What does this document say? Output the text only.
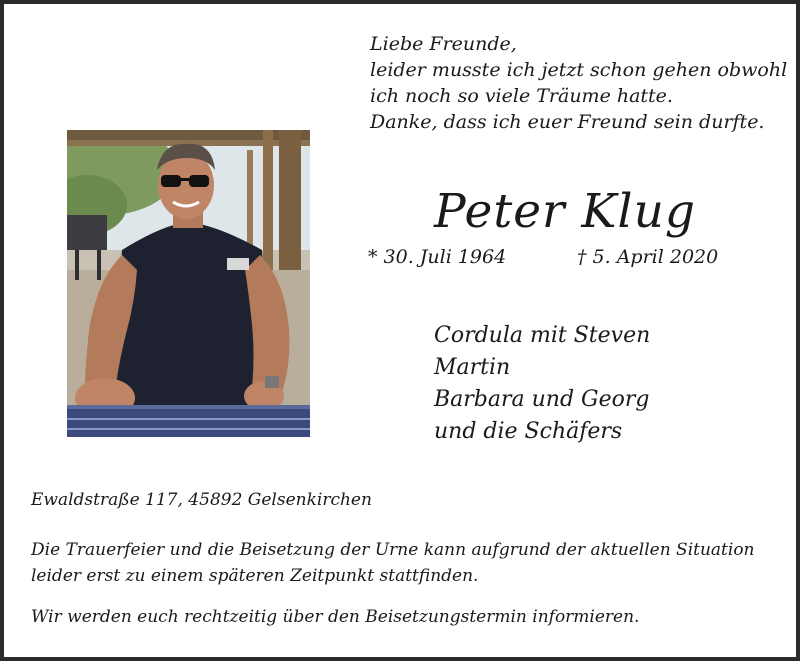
Liebe Freunde,
leider musste ich jetzt schon gehen obwohl
ich noch so viele Träume hatte.
Danke, dass ich euer Freund sein durfte.
Peter Klug
* 30. Juli 1964	† 5. April 2020
Cordula mit Steven
Martin
Barbara und Georg
und die Schäfers
Ewaldstraße 117, 45892 Gelsenkirchen
Die Trauerfeier und die Beisetzung der Urne kann aufgrund der aktuellen Situation
leider erst zu einem späteren Zeitpunkt stattfinden.
Wir werden euch rechtzeitig über den Beisetzungstermin informieren.
